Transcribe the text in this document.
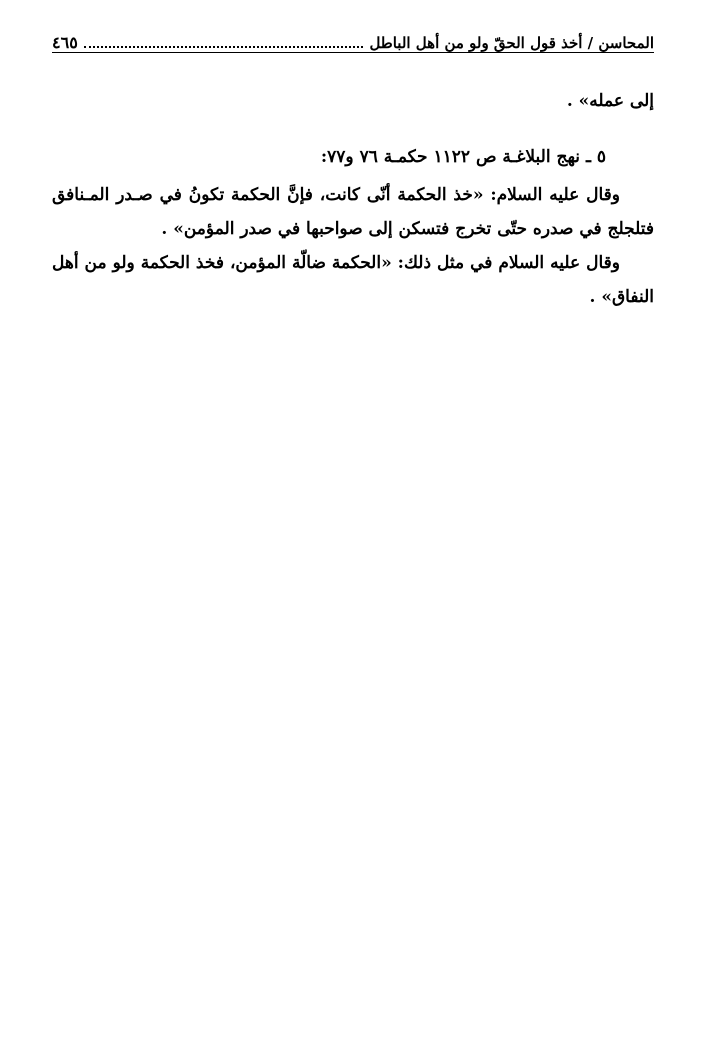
المحاسن / أخذ قول الحقّ ولو من أهل الباطل
٤٦٥

إلى عمله» .

٥ ـ نهج البلاغـة ص ١١٢٢ حكمـة ٧٦ و٧٧:

وقال عليه السلام: «خذ الحكمة أنّى كانت، فإنَّ الحكمة تكونُ في صـدر المـنافق فتلجلج في صدره حتّى تخرج فتسكن إلى صواحبها في صدر المؤمن» .

وقال عليه السلام في مثل ذلك: «الحكمة ضالّة المؤمن، فخذ الحكمة ولو من أهل النفاق» .
